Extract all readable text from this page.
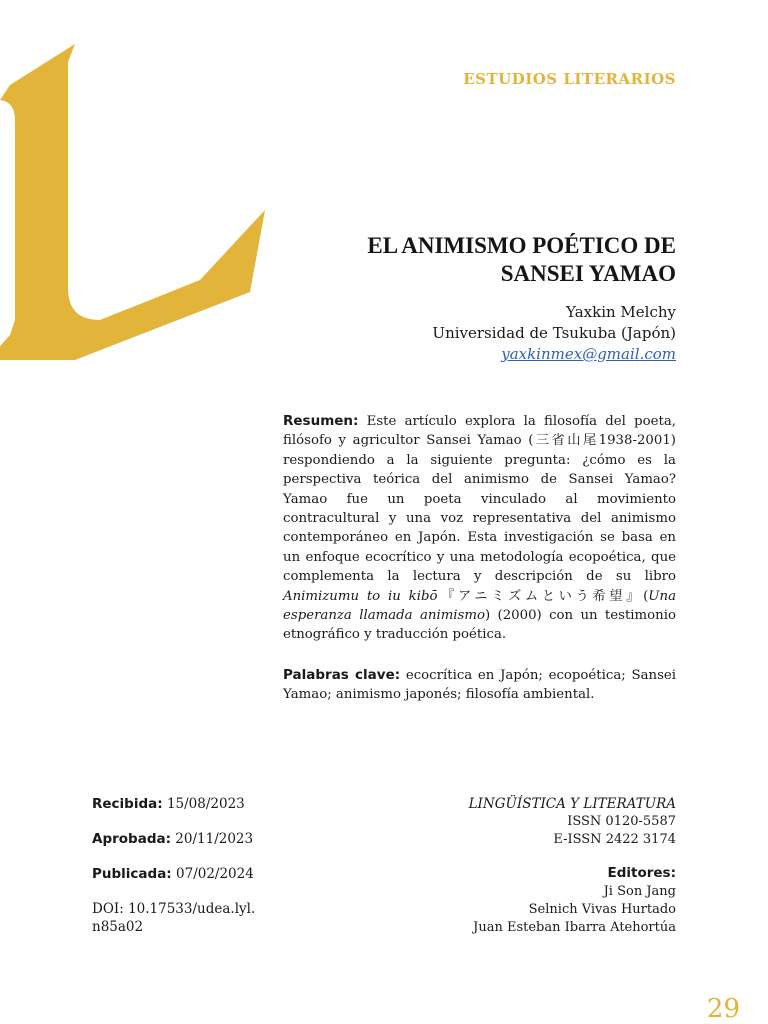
ESTUDIOS LITERARIOS
EL ANIMISMO POÉTICO DE
SANSEI YAMAO
Yaxkin Melchy
Universidad de Tsukuba (Japón)
yaxkinmex@gmail.com

Resumen: Este artículo explora la filosofía del poeta, filósofo y agricultor Sansei Yamao (三省山尾1938-2001) respondiendo a la siguiente pregunta: ¿cómo es la perspectiva teórica del animismo de Sansei Yamao? Yamao fue un poeta vinculado al movimiento contracultural y una voz representativa del animismo contemporáneo en Japón. Esta investigación se basa en un enfoque ecocrítico y una metodología ecopoética, que complementa la lectura y descripción de su libro Animizumu to iu kibō『アニミズムという希望』(Una esperanza llamada animismo) (2000) con un testimonio etnográfico y traducción poética.

Palabras clave: ecocrítica en Japón; ecopoética; Sansei Yamao; animismo japonés; filosofía ambiental.

Recibida: 15/08/2023
Aprobada: 20/11/2023
Publicada: 07/02/2024
DOI: 10.17533/udea.lyl.
n85a02
LINGÜÍSTICA Y LITERATURA
ISSN 0120-5587
E-ISSN 2422 3174
Editores:
Ji Son Jang
Selnich Vivas Hurtado
Juan Esteban Ibarra Atehortúa
29
